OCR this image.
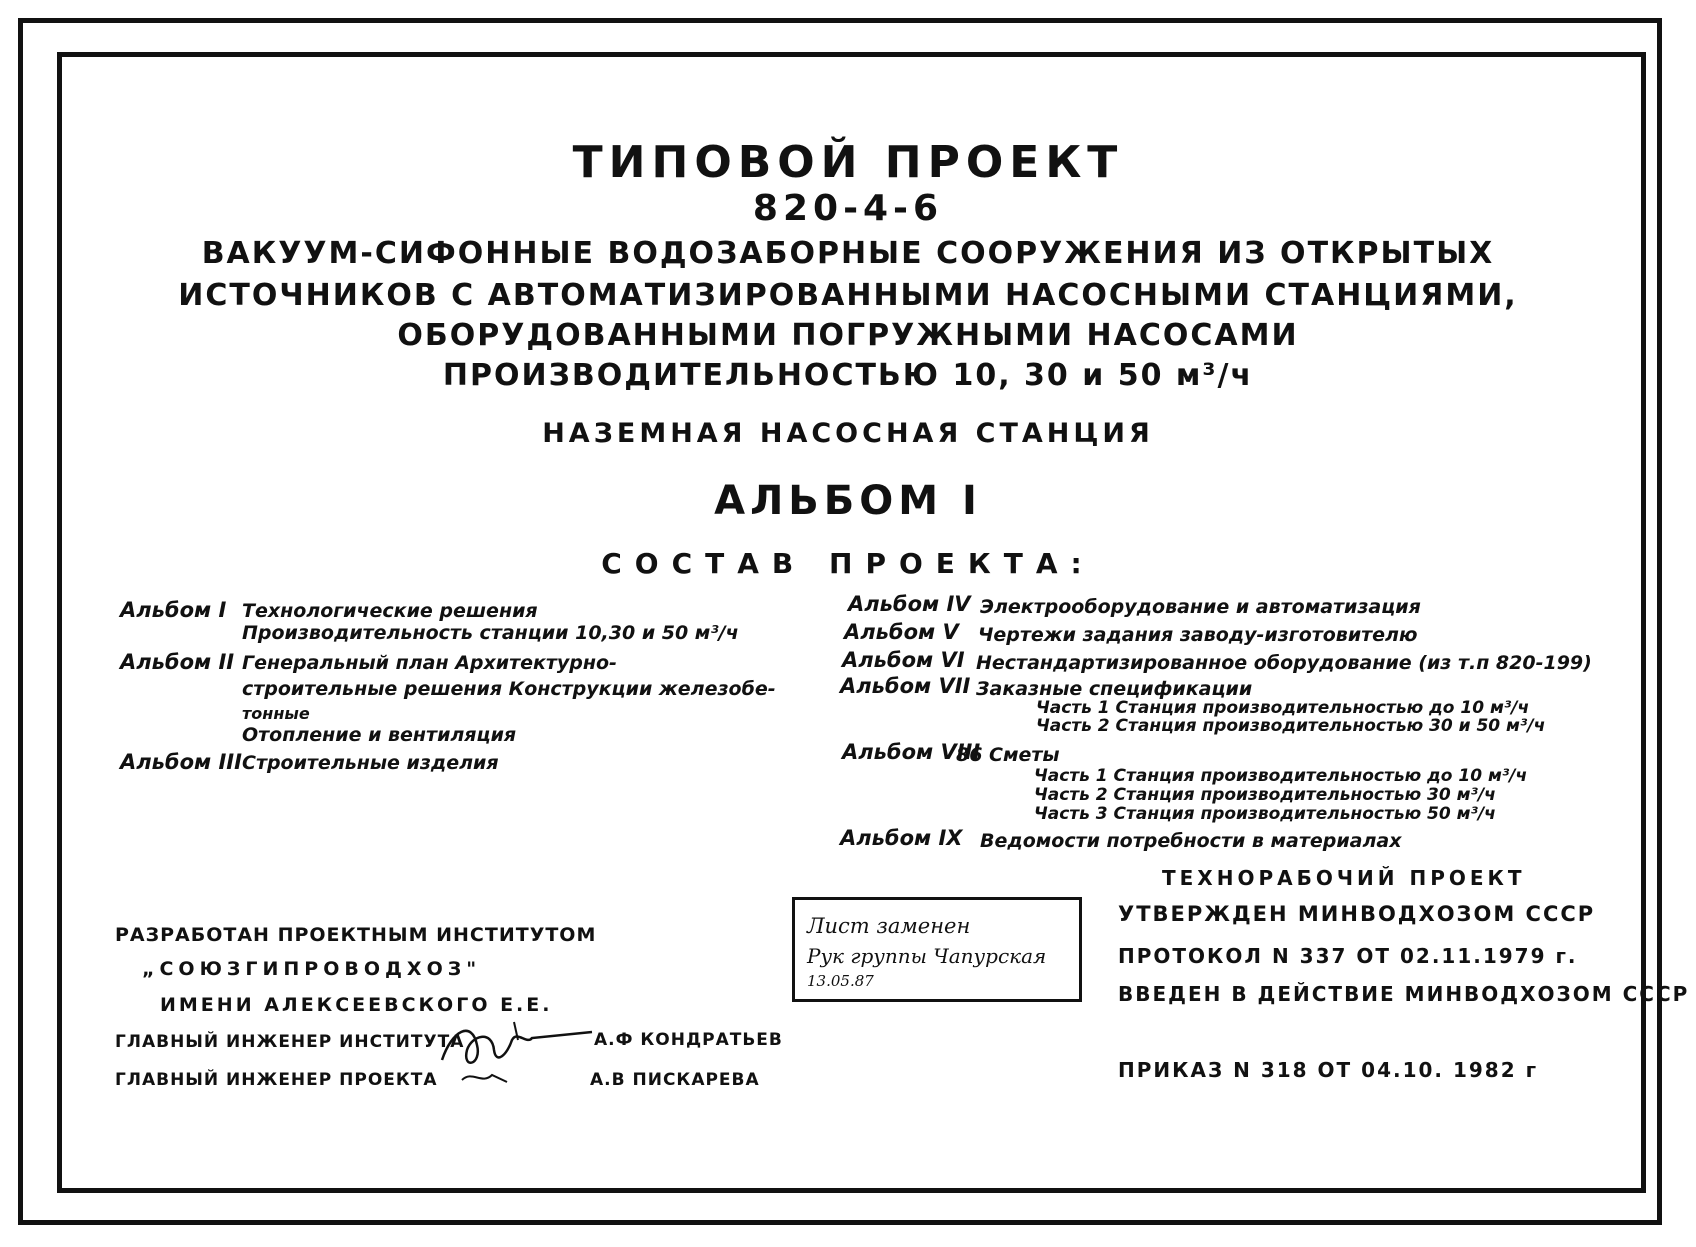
ТИПОВОЙ ПРОЕКТ
820-4-6
ВАКУУМ-СИФОННЫЕ ВОДОЗАБОРНЫЕ СООРУЖЕНИЯ ИЗ ОТКРЫТЫХ
ИСТОЧНИКОВ С АВТОМАТИЗИРОВАННЫМИ НАСОСНЫМИ СТАНЦИЯМИ,
ОБОРУДОВАННЫМИ ПОГРУЖНЫМИ НАСОСАМИ
ПРОИЗВОДИТЕЛЬНОСТЬЮ 10, 30 и 50 м³/ч
НАЗЕМНАЯ НАСОСНАЯ СТАНЦИЯ
АЛЬБОМ I
СОСТАВ ПРОЕКТА:
Альбом I Технологические решения
Производительность станции 10,30 и 50 м³/ч
Альбом II Генеральный план Архитектурно-
строительные решения Конструкции железобе-
тонные
Отопление и вентиляция
Альбом III Строительные изделия
Альбом IV Электрооборудование и автоматизация
Альбом V Чертежи задания заводу-изготовителю
Альбом VI Нестандартизированное оборудование (из т.п 820-199)
Альбом VII Заказные спецификации
Часть 1 Станция производительностью до 10 м³/ч
Часть 2 Станция производительностью 30 и 50 м³/ч
Альбом VIII
86 Сметы
Часть 1 Станция производительностью до 10 м³/ч
Часть 2 Станция производительностью 30 м³/ч
Часть 3 Станция производительностью 50 м³/ч
Альбом IX Ведомости потребности в материалах
ТЕХНОРАБОЧИЙ ПРОЕКТ
УТВЕРЖДЕН МИНВОДХОЗОМ СССР
ПРОТОКОЛ N 337 ОТ 02.11.1979 г.
ВВЕДЕН В ДЕЙСТВИЕ МИНВОДХОЗОМ СССР
ПРИКАЗ N 318 ОТ 04.10. 1982 г
РАЗРАБОТАН ПРОЕКТНЫМ ИНСТИТУТОМ
„СОЮЗГИПРОВОДХОЗ"
ИМЕНИ АЛЕКСЕЕВСКОГО Е.Е.
ГЛАВНЫЙ ИНЖЕНЕР ИНСТИТУТА	А.Ф КОНДРАТЬЕВ
ГЛАВНЫЙ ИНЖЕНЕР ПРОЕКТА	А.В ПИСКАРЕВА
Лист заменен
Рук группы Чапурская
13.05.87
